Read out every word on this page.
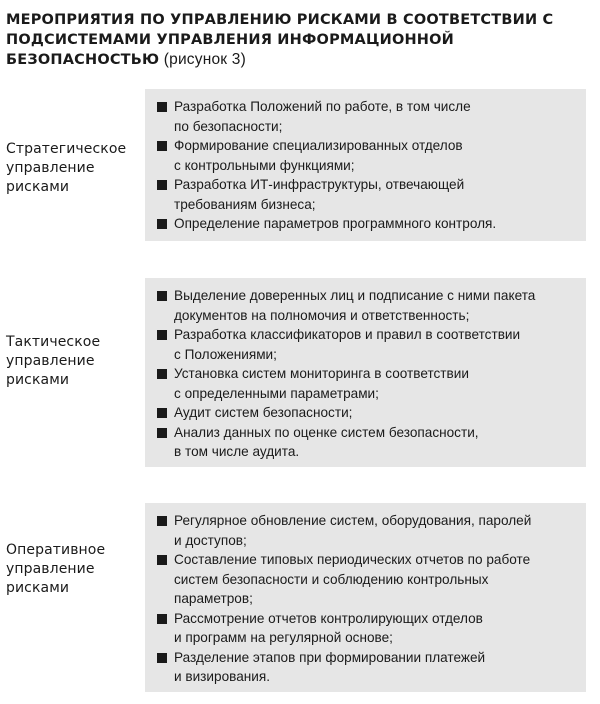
МЕРОПРИЯТИЯ ПО УПРАВЛЕНИЮ РИСКАМИ В СООТВЕТСТВИИ С ПОДСИСТЕМАМИ УПРАВЛЕНИЯ ИНФОРМАЦИОННОЙ БЕЗОПАСНОСТЬЮ (рисунок 3)
Стратегическое
управление
рисками
Разработка Положений по работе, в том числе
по безопасности;
Формирование специализированных отделов
с контрольными функциями;
Разработка ИТ-инфраструктуры, отвечающей
требованиям бизнеса;
Определение параметров программного контроля.
Тактическое
управление
рисками
Выделение доверенных лиц и подписание с ними пакета
документов на полномочия и ответственность;
Разработка классификаторов и правил в соответствии
с Положениями;
Установка систем мониторинга в соответствии
с определенными параметрами;
Аудит систем безопасности;
Анализ данных по оценке систем безопасности,
в том числе аудита.
Оперативное
управление
рисками
Регулярное обновление систем, оборудования, паролей
и доступов;
Составление типовых периодических отчетов по работе
систем безопасности и соблюдению контрольных
параметров;
Рассмотрение отчетов контролирующих отделов
и программ на регулярной основе;
Разделение этапов при формировании платежей
и визирования.
